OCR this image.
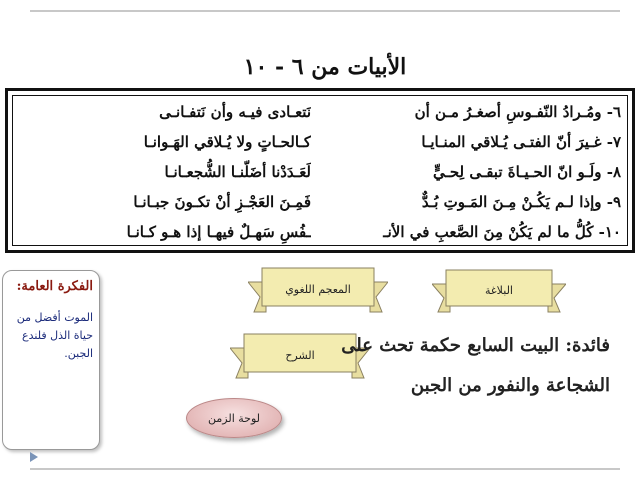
الأبيات من ٦ - ١٠
٦- ومُـرادُ النّفـوسِ أصغـرُ مـن أن
نَتعـادى فيـه وأن نَتفـانـى
٧- غـيرَ أنّ الفتـى يُـلاقي المنـايـا
كـالحـاتٍ ولا يُـلاقي الهَـوانـا
٨- ولَـو انّ الحـيـاةَ تبقـى لِحـيٍّ
لَعَـدَدْنا أضَلّنـا الشُّجعـانـا
٩- وإذا لـم يَكُـنْ مِـنَ المَـوتِ بُـدٌّ
فَمِـنَ العَجْـزِ أنْ تكـونَ جبـانـا
١٠- كُلُّ ما لم يَكُنْ مِنَ الصَّعبِ في الأنـ
ـفُسِ سَهـلٌ فيهـا إذا هـو كـانـا
البلاغة
المعجم اللغوي
الشرح
الفكرة العامة:
الموت أفضل من حياة الذل فلندع الجبن.	فائدة: البيت السابع حكمة تحث على الشجاعة والنفور من الجبن
لوحة الزمن
